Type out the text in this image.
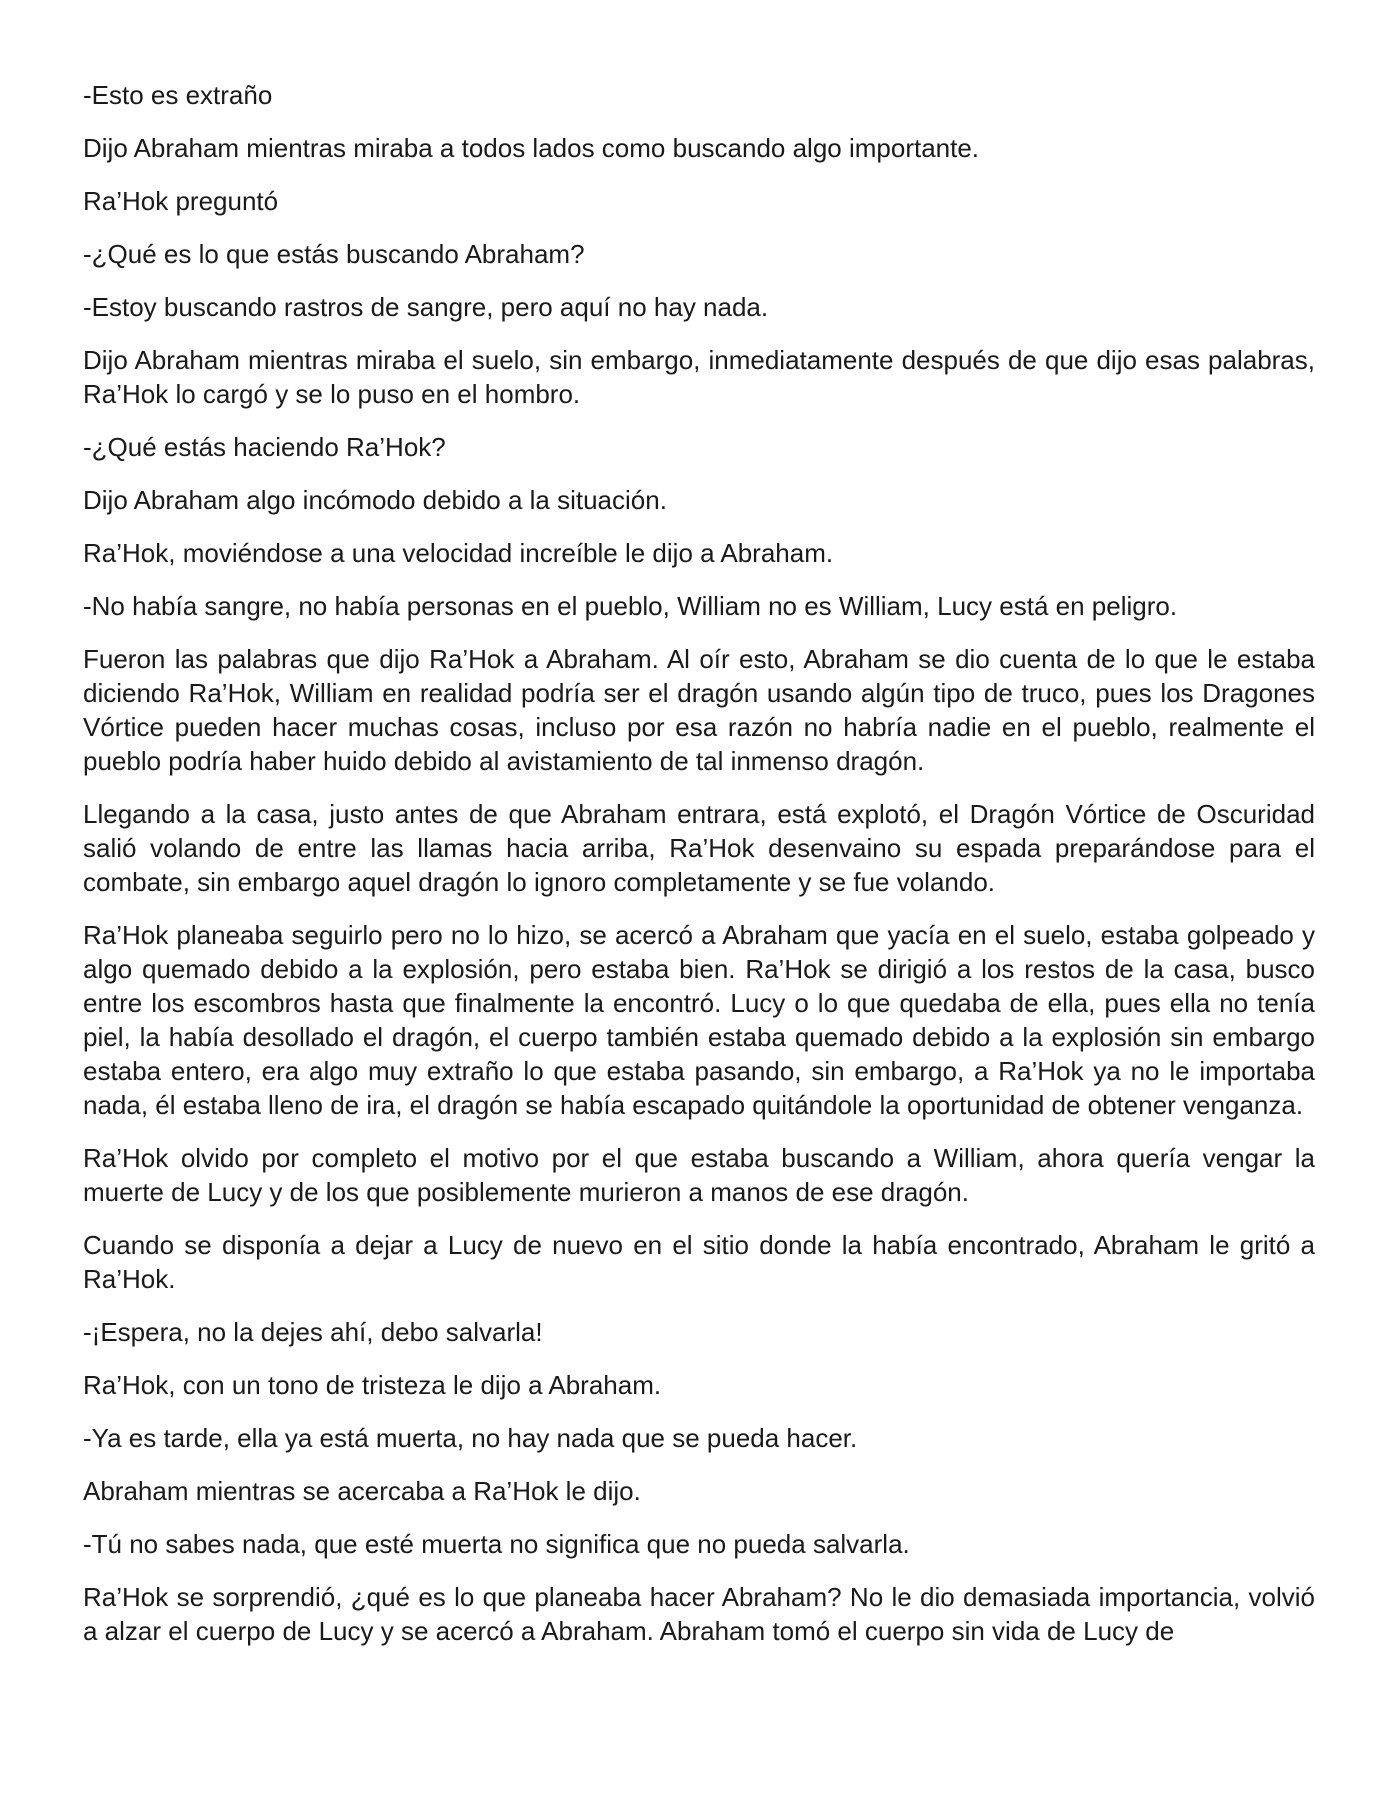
-Esto es extraño

Dijo Abraham mientras miraba a todos lados como buscando algo importante.

Ra’Hok preguntó

-¿Qué es lo que estás buscando Abraham?

-Estoy buscando rastros de sangre, pero aquí no hay nada.

Dijo Abraham mientras miraba el suelo, sin embargo, inmediatamente después de que dijo esas palabras, Ra’Hok lo cargó y se lo puso en el hombro.

-¿Qué estás haciendo Ra’Hok?

Dijo Abraham algo incómodo debido a la situación.

Ra’Hok, moviéndose a una velocidad increíble le dijo a Abraham.

-No había sangre, no había personas en el pueblo, William no es William, Lucy está en peligro.

Fueron las palabras que dijo Ra’Hok a Abraham. Al oír esto, Abraham se dio cuenta de lo que le estaba diciendo Ra’Hok, William en realidad podría ser el dragón usando algún tipo de truco, pues los Dragones Vórtice pueden hacer muchas cosas, incluso por esa razón no habría nadie en el pueblo, realmente el pueblo podría haber huido debido al avistamiento de tal inmenso dragón.

Llegando a la casa, justo antes de que Abraham entrara, está explotó, el Dragón Vórtice de Oscuridad salió volando de entre las llamas hacia arriba, Ra’Hok desenvaino su espada preparándose para el combate, sin embargo aquel dragón lo ignoro completamente y se fue volando.

Ra’Hok planeaba seguirlo pero no lo hizo, se acercó a Abraham que yacía en el suelo, estaba golpeado y algo quemado debido a la explosión, pero estaba bien. Ra’Hok se dirigió a los restos de la casa, busco entre los escombros hasta que finalmente la encontró. Lucy o lo que quedaba de ella, pues ella no tenía piel, la había desollado el dragón, el cuerpo también estaba quemado debido a la explosión sin embargo estaba entero, era algo muy extraño lo que estaba pasando, sin embargo, a Ra’Hok ya no le importaba nada, él estaba lleno de ira, el dragón se había escapado quitándole la oportunidad de obtener venganza.

Ra’Hok olvido por completo el motivo por el que estaba buscando a William, ahora quería vengar la muerte de Lucy y de los que posiblemente murieron a manos de ese dragón.

Cuando se disponía a dejar a Lucy de nuevo en el sitio donde la había encontrado, Abraham le gritó a Ra’Hok.

-¡Espera, no la dejes ahí, debo salvarla!

Ra’Hok, con un tono de tristeza le dijo a Abraham.

-Ya es tarde, ella ya está muerta, no hay nada que se pueda hacer.

Abraham mientras se acercaba a Ra’Hok le dijo.

-Tú no sabes nada, que esté muerta no significa que no pueda salvarla.

Ra’Hok se sorprendió, ¿qué es lo que planeaba hacer Abraham? No le dio demasiada importancia, volvió a alzar el cuerpo de Lucy y se acercó a Abraham. Abraham tomó el cuerpo sin vida de Lucy de
